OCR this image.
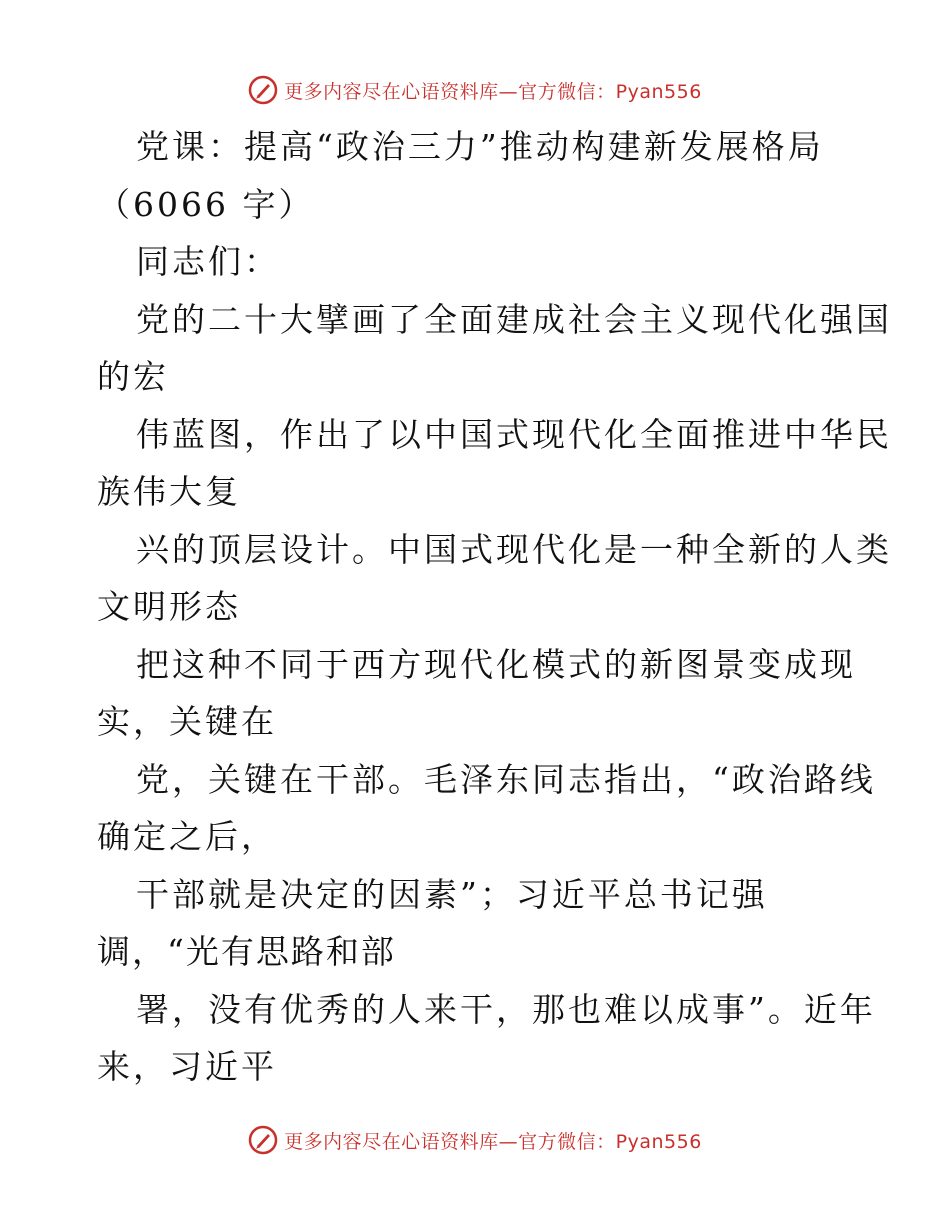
更多内容尽在心语资料库—官方微信：Pyan556
党课：提高“政治三力”推动构建新发展格局
（6066 字）
同志们：
党的二十大擘画了全面建成社会主义现代化强国
的宏
伟蓝图，作出了以中国式现代化全面推进中华民
族伟大复
兴的顶层设计。中国式现代化是一种全新的人类
文明形态
把这种不同于西方现代化模式的新图景变成现
实，关键在
党，关键在干部。毛泽东同志指出，“政治路线
确定之后，
干部就是决定的因素”；习近平总书记强
调，“光有思路和部
署，没有优秀的人来干，那也难以成事”。近年
来，习近平
更多内容尽在心语资料库—官方微信：Pyan556
